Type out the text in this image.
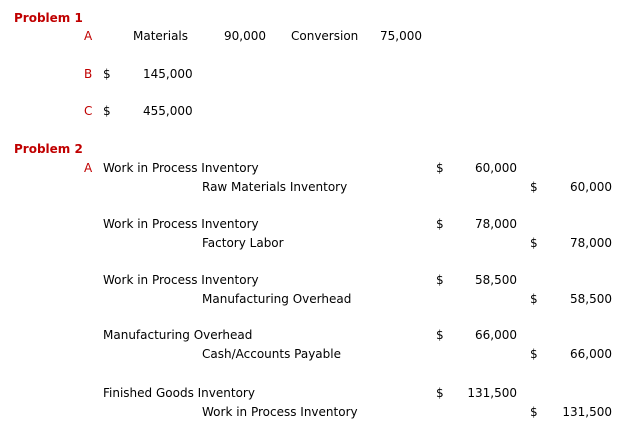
Problem 1
A	Materials	90,000 Conversion 75,000
B $	145,000
C $	455,000
Problem 2
A Work in Process Inventory	$	60,000
Raw Materials Inventory	$	60,000
Work in Process Inventory	$	78,000
Factory Labor	$	78,000
Work in Process Inventory	$	58,500
Manufacturing Overhead	$	58,500
Manufacturing Overhead	$	66,000
Cash/Accounts Payable	$	66,000
Finished Goods Inventory	$	131,500
Work in Process Inventory	$	131,500
